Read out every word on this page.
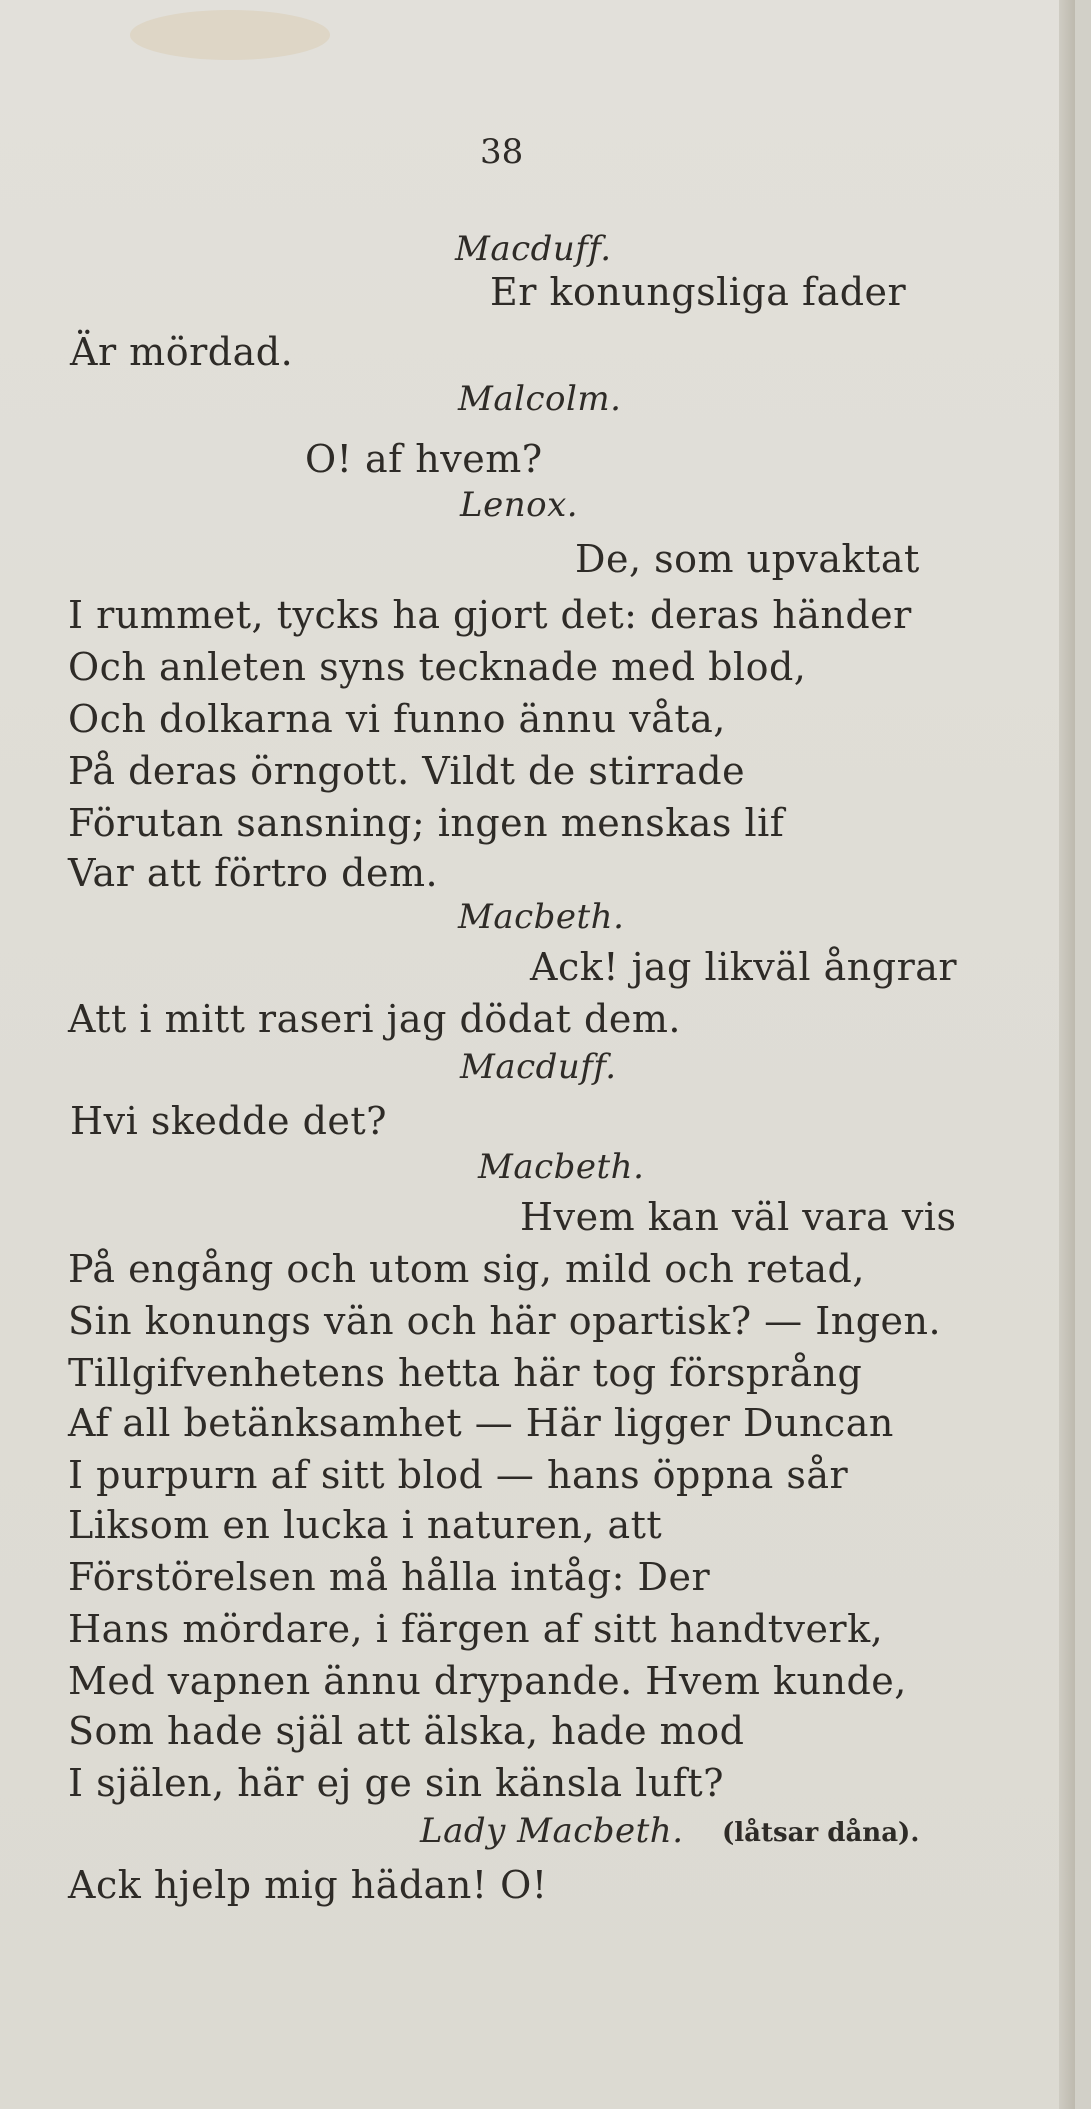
38
Macduff.
Er konungsliga fader
Är mördad.
Malcolm.
O! af hvem?
Lenox.
De, som upvaktat
I rummet, tycks ha gjort det: deras händer
Och anleten syns tecknade med blod,
Och dolkarna vi funno ännu våta,
På deras örngott. Vildt de stirrade
Förutan sansning; ingen menskas lif
Var att förtro dem.
Macbeth.
Ack! jag likväl ångrar
Att i mitt raseri jag dödat dem.
Macduff.
Hvi skedde det?
Macbeth.
Hvem kan väl vara vis
På engång och utom sig, mild och retad,
Sin konungs vän och här opartisk? — Ingen.
Tillgifvenhetens hetta här tog försprång
Af all betänksamhet — Här ligger Duncan
I purpurn af sitt blod — hans öppna sår
Liksom en lucka i naturen, att
Förstörelsen må hålla intåg: Der
Hans mördare, i färgen af sitt handtverk,
Med vapnen ännu drypande. Hvem kunde,
Som hade själ att älska, hade mod
I själen, här ej ge sin känsla luft?
Lady Macbeth. (låtsar dåna).
Ack hjelp mig hädan! O!
